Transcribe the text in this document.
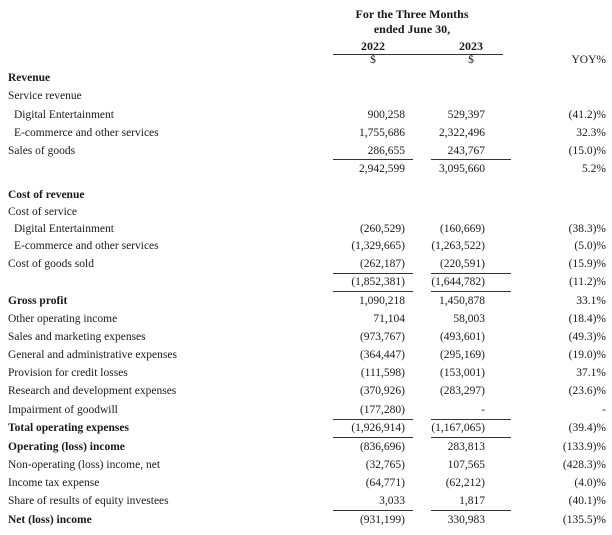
For the Three Months
ended June 30,
2022	2023
$	$	YOY%
Revenue
Service revenue
Digital Entertainment	900,258	529,397	(41.2)%
E-commerce and other services	1,755,686	2,322,496	32.3%
Sales of goods	286,655	243,767	(15.0)%
2,942,599	3,095,660	5.2%
Cost of revenue
Cost of service
Digital Entertainment	(260,529)	(160,669)	(38.3)%
E-commerce and other services	(1,329,665) (1,263,522)	(5.0)%
Cost of goods sold	(262,187)	(220,591)	(15.9)%
(1,852,381) (1,644,782)	(11.2)%
Gross profit	1,090,218	1,450,878	33.1%
Other operating income	71,104	58,003	(18.4)%
Sales and marketing expenses	(973,767)	(493,601)	(49.3)%
General and administrative expenses	(364,447)	(295,169)	(19.0)%
Provision for credit losses	(111,598)	(153,001)	37.1%
Research and development expenses	(370,926)	(283,297)	(23.6)%
Impairment of goodwill	(177,280)	-	-
Total operating expenses	(1,926,914) (1,167,065)	(39.4)%
Operating (loss) income	(836,696)	283,813	(133.9)%
Non-operating (loss) income, net	(32,765)	107,565	(428.3)%
Income tax expense	(64,771)	(62,212)	(4.0)%
Share of results of equity investees	3,033	1,817	(40.1)%
Net (loss) income	(931,199)	330,983	(135.5)%
